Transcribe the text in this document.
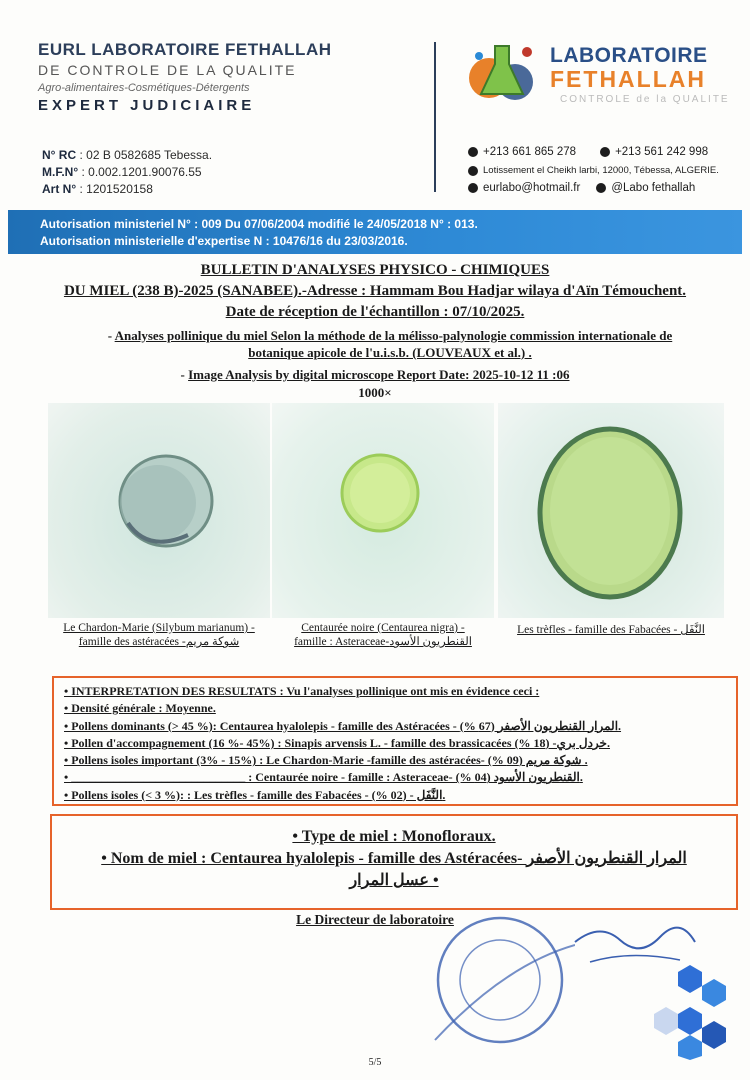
EURL LABORATOIRE FETHALLAH
DE CONTROLE DE LA QUALITE
Agro-alimentaires-Cosmétiques-Détergents
EXPERT JUDICIAIRE
N° RC : 02 B 0582685 Tebessa.
M.F.N° : 0.002.1201.90076.55
Art N° : 1201520158
LABORATOIRE
FETHALLAH
CONTROLE de la QUALITE
+213 661 865 278	+213 561 242 998
Lotissement el Cheikh larbi, 12000, Tébessa, ALGERIE.
eurlabo@hotmail.fr	@Labo fethallah
Autorisation ministeriel N° : 009 Du 07/06/2004 modifié le 24/05/2018 N° : 013.
Autorisation ministerielle d'expertise N : 10476/16 du 23/03/2016.
BULLETIN D'ANALYSES PHYSICO - CHIMIQUES
DU MIEL (238 B)-2025 (SANABEE).-Adresse : Hammam Bou Hadjar wilaya d'Aïn Témouchent.
Date de réception de l'échantillon : 07/10/2025.
- Analyses pollinique du miel Selon la méthode de la mélisso-palynologie commission internationale de
botanique apicole de l'u.i.s.b. (LOUVEAUX et al.) .
- Image Analysis by digital microscope Report Date: 2025-10-12 11 :06
1000×
Le Chardon-Marie (Silybum marianum) -
famille des astéracées -شوكة مريم
Centaurée noire (Centaurea nigra) -
famille : Asteraceae-القنطريون الأسود
Les trèfles - famille des Fabacées - النَّفَل
• INTERPRETATION DES RESULTATS : Vu l'analyses pollinique ont mis en évidence ceci :
• Densité générale : Moyenne.
• Pollens dominants (> 45 %): Centaurea hyalolepis - famille des Astéracées - المرار القنطريون الأصفر (67 %).
• Pollen d'accompagnement (16 %- 45%) : Sinapis arvensis L. - famille des brassicacées خردل بري- (18 %).
• Pollens isoles important (3% - 15%) : Le Chardon-Marie -famille des astéracées- شوكة مريم (09 %) .
• _____________________________ : Centaurée noire - famille : Asteraceae- القنطريون الأسود (04 %).
• Pollens isoles (< 3 %): : Les trèfles - famille des Fabacées - النَّفَل - (02 %).
• Type de miel : Monofloraux.
• Nom de miel : Centaurea hyalolepis - famille des Astéracées- المرار القنطريون الأصفر
عسل المرار •
Le Directeur de laboratoire
5/5
